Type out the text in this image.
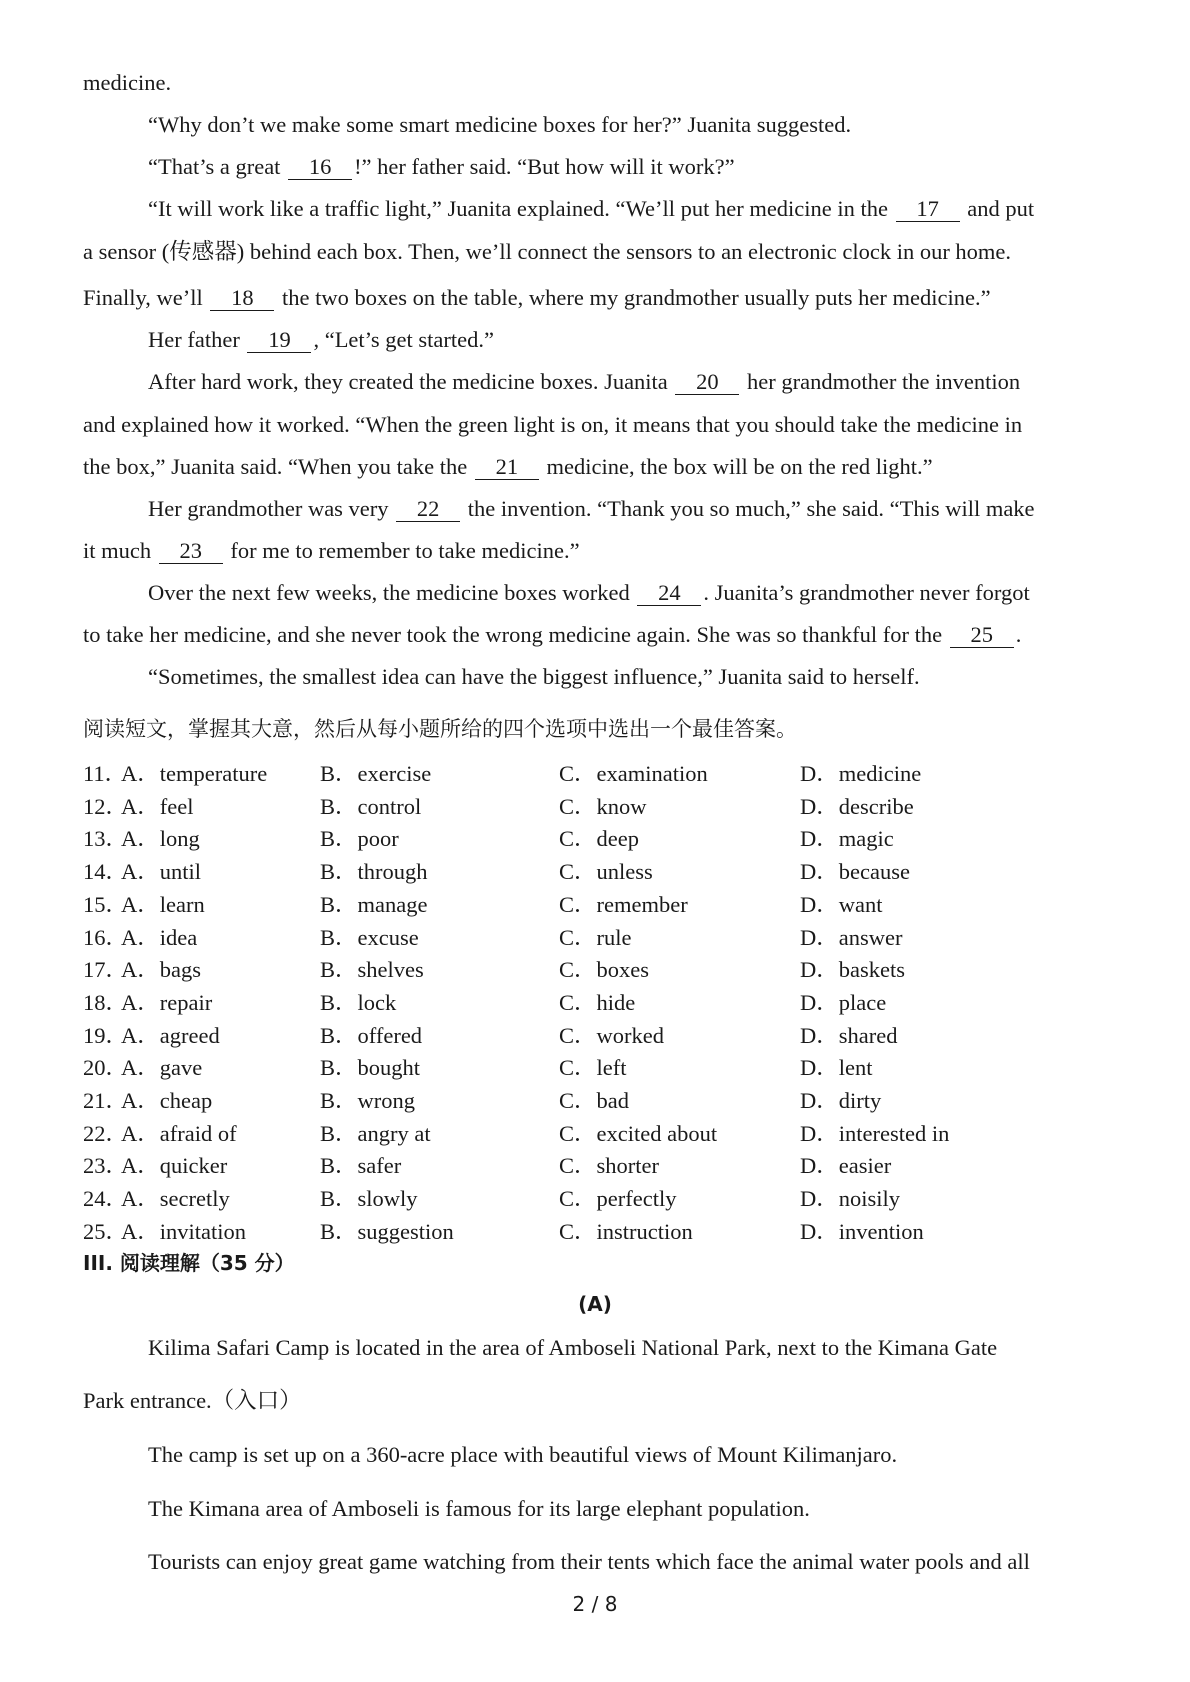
medicine.
“Why don’t we make some smart medicine boxes for her?” Juanita suggested.
“That’s a great 16 !” her father said. “But how will it work?”
“It will work like a traffic light,” Juanita explained. “We’ll put her medicine in the 17 and put
a sensor (传感器) behind each box. Then, we’ll connect the sensors to an electronic clock in our home.
Finally, we’ll 18 the two boxes on the table, where my grandmother usually puts her medicine.”
Her father 19 , “Let’s get started.”
After hard work, they created the medicine boxes. Juanita 20 her grandmother the invention
and explained how it worked. “When the green light is on, it means that you should take the medicine in
the box,” Juanita said. “When you take the 21 medicine, the box will be on the red light.”
Her grandmother was very 22 the invention. “Thank you so much,” she said. “This will make
it much 23 for me to remember to take medicine.”
Over the next few weeks, the medicine boxes worked 24 . Juanita’s grandmother never forgot
to take her medicine, and she never took the wrong medicine again. She was so thankful for the 25 .
“Sometimes, the smallest idea can have the biggest influence,” Juanita said to herself.
阅读短文，掌握其大意，然后从每小题所给的四个选项中选出一个最佳答案。
11．
A．temperature B．exercise	C．examination	D．medicine
12．
A．feel	B．control	C．know	D．describe
13．
A．long	B．poor	C．deep	D．magic
14．
A．until	B．through	C．unless	D．because
15．
A．learn	B．manage	C．remember	D．want
16．
A．idea	B．excuse	C．rule	D．answer
17．
A．bags	B．shelves	C．boxes	D．baskets
18．
A．repair	B．lock	C．hide	D．place
19．
A．agreed	B．offered	C．worked	D．shared
20．
A．gave	B．bought	C．left	D．lent
21．
A．cheap	B．wrong	C．bad	D．dirty
22．
A．afraid of	B．angry at	C．excited about	D．interested in
23．
A．quicker	B．safer	C．shorter	D．easier
24．
A．secretly	B．slowly	C．perfectly	D．noisily
25．
A．invitation	B．suggestion	C．instruction	D．invention
III. 阅读理解（35 分）
(A)
Kilima Safari Camp is located in the area of Amboseli National Park, next to the Kimana Gate
Park entrance.（入口）
The camp is set up on a 360-acre place with beautiful views of Mount Kilimanjaro.
The Kimana area of Amboseli is famous for its large elephant population.
Tourists can enjoy great game watching from their tents which face the animal water pools and all
2 / 8
